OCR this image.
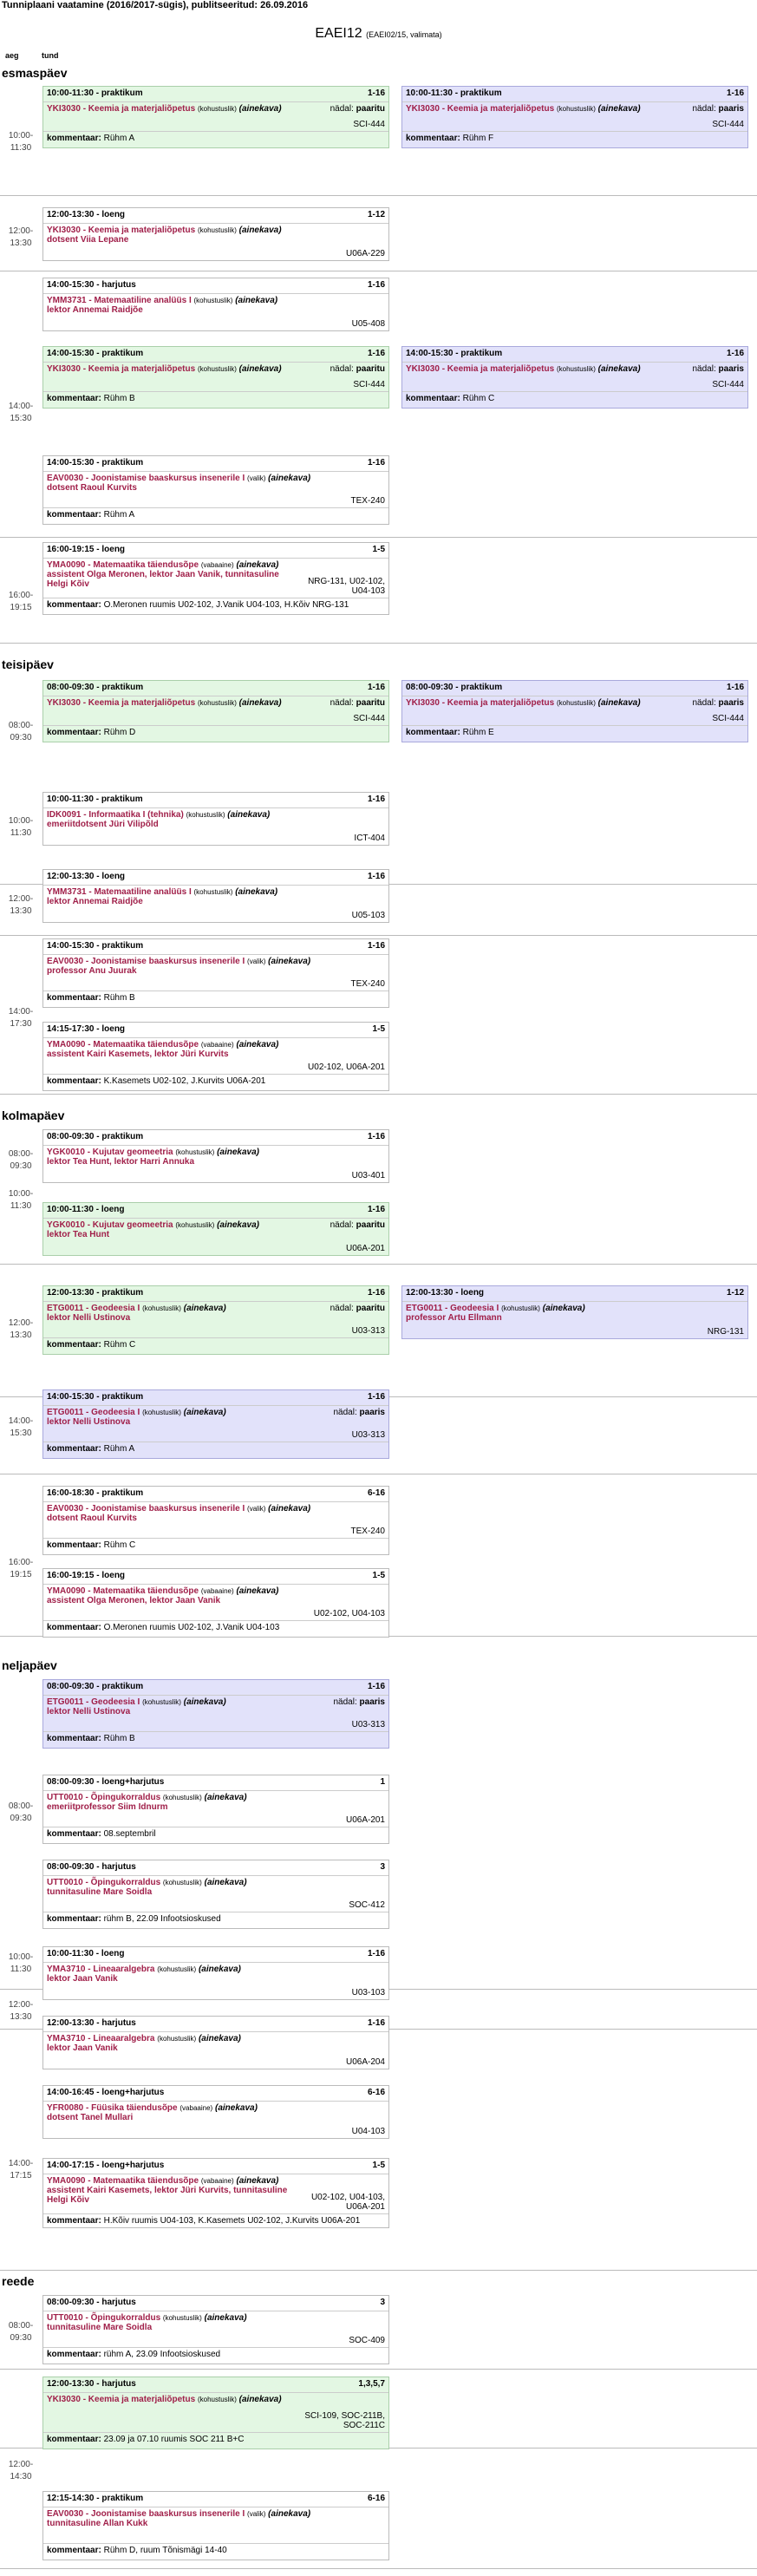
Tunniplaani vaatamine (2016/2017-sügis), publitseeritud: 26.09.2016
EAEI12 (EAEI02/15, valimata)
aeg	tund
esmaspäev
teisipäev
kolmapäev
neljapäev
reede
10:00-
11:30
12:00-
13:30
14:00-
15:30
16:00-
19:15
08:00-
09:30
10:00-
11:30
12:00-
13:30
14:00-
17:30
08:00-
09:30
10:00-
11:30
12:00-
13:30
14:00-
15:30
16:00-
19:15
08:00-
09:30
10:00-
11:30
12:00-
13:30
14:00-
17:15
08:00-
09:30
12:00-
14:30
10:00-11:30 - praktikum	1-16
YKI3030 - Keemia ja materjaliõpetus (kohustuslik) (ainekava)	nädal: paaritu
SCI-444
kommentaar: Rühm A
10:00-11:30 - praktikum	1-16
YKI3030 - Keemia ja materjaliõpetus (kohustuslik) (ainekava)	nädal: paaris
SCI-444
kommentaar: Rühm F
12:00-13:30 - loeng	1-12
YKI3030 - Keemia ja materjaliõpetus (kohustuslik) (ainekava)
dotsent Viia Lepane
U06A-229
14:00-15:30 - harjutus	1-16
YMM3731 - Matemaatiline analüüs I (kohustuslik) (ainekava)
lektor Annemai Raidjõe
U05-408
14:00-15:30 - praktikum	1-16
YKI3030 - Keemia ja materjaliõpetus (kohustuslik) (ainekava)	nädal: paaritu
SCI-444
kommentaar: Rühm B
14:00-15:30 - praktikum	1-16
YKI3030 - Keemia ja materjaliõpetus (kohustuslik) (ainekava)	nädal: paaris
SCI-444
kommentaar: Rühm C
14:00-15:30 - praktikum	1-16
EAV0030 - Joonistamise baaskursus insenerile I (valik) (ainekava)
dotsent Raoul Kurvits
TEX-240
kommentaar: Rühm A
16:00-19:15 - loeng	1-5
YMA0090 - Matemaatika täiendusõpe (vabaaine) (ainekava)
assistent Olga Meronen, lektor Jaan Vanik, tunnitasuline Helgi Kõiv	NRG-131, U02-102, U04-103
kommentaar: O.Meronen ruumis U02-102, J.Vanik U04-103, H.Kõiv NRG-131
08:00-09:30 - praktikum	1-16
YKI3030 - Keemia ja materjaliõpetus (kohustuslik) (ainekava)	nädal: paaritu
SCI-444
kommentaar: Rühm D
08:00-09:30 - praktikum	1-16
YKI3030 - Keemia ja materjaliõpetus (kohustuslik) (ainekava)	nädal: paaris
SCI-444
kommentaar: Rühm E
10:00-11:30 - praktikum	1-16
IDK0091 - Informaatika I (tehnika) (kohustuslik) (ainekava)
emeriitdotsent Jüri Vilipõld
ICT-404
12:00-13:30 - loeng	1-16
YMM3731 - Matemaatiline analüüs I (kohustuslik) (ainekava)
lektor Annemai Raidjõe
U05-103
14:00-15:30 - praktikum	1-16
EAV0030 - Joonistamise baaskursus insenerile I (valik) (ainekava)
professor Anu Juurak
TEX-240
kommentaar: Rühm B
14:15-17:30 - loeng	1-5
YMA0090 - Matemaatika täiendusõpe (vabaaine) (ainekava)
assistent Kairi Kasemets, lektor Jüri Kurvits
U02-102, U06A-201
kommentaar: K.Kasemets U02-102, J.Kurvits U06A-201
08:00-09:30 - praktikum	1-16
YGK0010 - Kujutav geomeetria (kohustuslik) (ainekava)
lektor Tea Hunt, lektor Harri Annuka
U03-401
10:00-11:30 - loeng	1-16
YGK0010 - Kujutav geomeetria (kohustuslik) (ainekava)	nädal: paaritu
lektor Tea Hunt
U06A-201
12:00-13:30 - praktikum	1-16
ETG0011 - Geodeesia I (kohustuslik) (ainekava)	nädal: paaritu
lektor Nelli Ustinova
U03-313
kommentaar: Rühm C
12:00-13:30 - loeng	1-12
ETG0011 - Geodeesia I (kohustuslik) (ainekava)
professor Artu Ellmann
NRG-131
14:00-15:30 - praktikum	1-16
ETG0011 - Geodeesia I (kohustuslik) (ainekava)	nädal: paaris
lektor Nelli Ustinova
U03-313
kommentaar: Rühm A
16:00-18:30 - praktikum	6-16
EAV0030 - Joonistamise baaskursus insenerile I (valik) (ainekava)
dotsent Raoul Kurvits
TEX-240
kommentaar: Rühm C
16:00-19:15 - loeng	1-5
YMA0090 - Matemaatika täiendusõpe (vabaaine) (ainekava)
assistent Olga Meronen, lektor Jaan Vanik
U02-102, U04-103
kommentaar: O.Meronen ruumis U02-102, J.Vanik U04-103
08:00-09:30 - praktikum	1-16
ETG0011 - Geodeesia I (kohustuslik) (ainekava)	nädal: paaris
lektor Nelli Ustinova
U03-313
kommentaar: Rühm B
08:00-09:30 - loeng+harjutus	1
UTT0010 - Õpingukorraldus (kohustuslik) (ainekava)
emeriitprofessor Siim Idnurm
U06A-201
kommentaar: 08.septembril
08:00-09:30 - harjutus	3
UTT0010 - Õpingukorraldus (kohustuslik) (ainekava)
tunnitasuline Mare Soidla
SOC-412
kommentaar: rühm B, 22.09 Infootsioskused
10:00-11:30 - loeng	1-16
YMA3710 - Lineaaralgebra (kohustuslik) (ainekava)
lektor Jaan Vanik
U03-103
12:00-13:30 - harjutus	1-16
YMA3710 - Lineaaralgebra (kohustuslik) (ainekava)
lektor Jaan Vanik
U06A-204
14:00-16:45 - loeng+harjutus	6-16
YFR0080 - Füüsika täiendusõpe (vabaaine) (ainekava)
dotsent Tanel Mullari
U04-103
14:00-17:15 - loeng+harjutus	1-5
YMA0090 - Matemaatika täiendusõpe (vabaaine) (ainekava)
assistent Kairi Kasemets, lektor Jüri Kurvits, tunnitasuline Helgi Kõiv	U02-102, U04-103, U06A-201
kommentaar: H.Kõiv ruumis U04-103, K.Kasemets U02-102, J.Kurvits U06A-201
08:00-09:30 - harjutus	3
UTT0010 - Õpingukorraldus (kohustuslik) (ainekava)
tunnitasuline Mare Soidla
SOC-409
kommentaar: rühm A, 23.09 Infootsioskused
12:00-13:30 - harjutus	1,3,5,7
YKI3030 - Keemia ja materjaliõpetus (kohustuslik) (ainekava)
SCI-109, SOC-211B, SOC-211C
kommentaar: 23.09 ja 07.10 ruumis SOC 211 B+C
12:15-14:30 - praktikum	6-16
EAV0030 - Joonistamise baaskursus insenerile I (valik) (ainekava)
tunnitasuline Allan Kukk
kommentaar: Rühm D, ruum Tõnismägi 14-40
